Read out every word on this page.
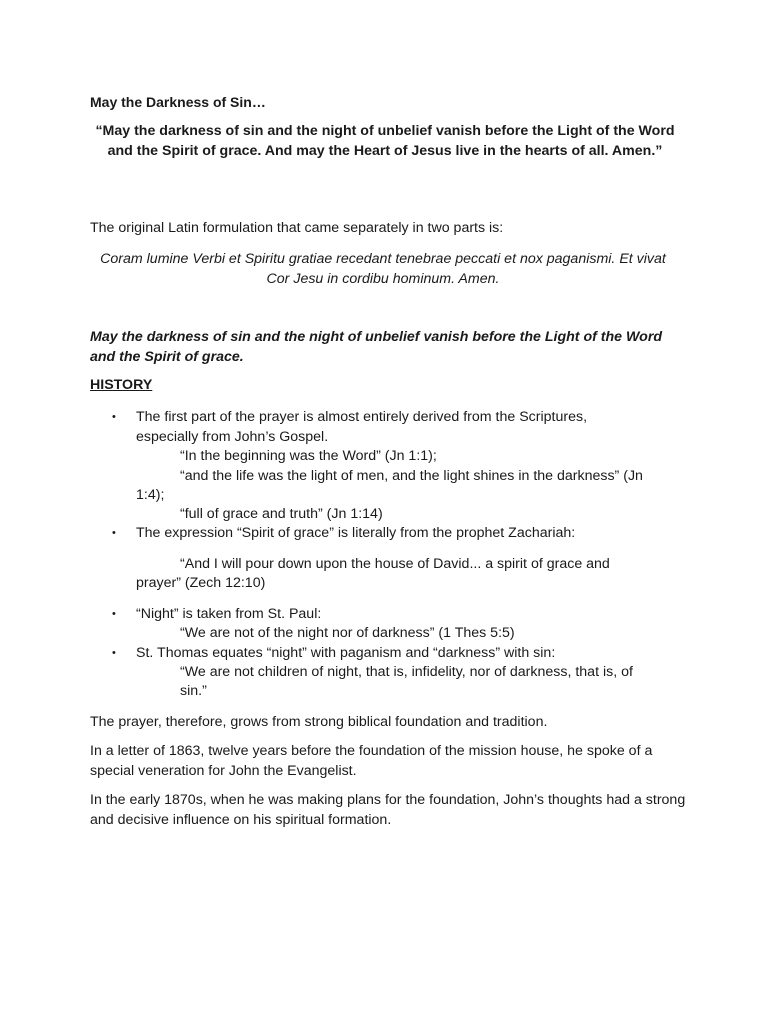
May the Darkness of Sin…
“May the darkness of sin and the night of unbelief vanish before the Light of the Word and the Spirit of grace. And may the Heart of Jesus live in the hearts of all. Amen.”
The original Latin formulation that came separately in two parts is:
Coram lumine Verbi et Spiritu gratiae recedant tenebrae peccati et nox paganismi. Et vivat Cor Jesu in cordibu hominum. Amen.
May the darkness of sin and the night of unbelief vanish before the Light of the Word and the Spirit of grace.
HISTORY
• The first part of the prayer is almost entirely derived from the Scriptures,
especially from John’s Gospel.
“In the beginning was the Word” (Jn 1:1);
“and the life was the light of men, and the light shines in the darkness” (Jn
1:4);
“full of grace and truth” (Jn 1:14)
• The expression “Spirit of grace” is literally from the prophet Zachariah:
“And I will pour down upon the house of David... a spirit of grace and
prayer” (Zech 12:10)
• “Night” is taken from St. Paul:
“We are not of the night nor of darkness” (1 Thes 5:5)
• St. Thomas equates “night” with paganism and “darkness” with sin:
“We are not children of night, that is, infidelity, nor of darkness, that is, of
sin.”
The prayer, therefore, grows from strong biblical foundation and tradition.
In a letter of 1863, twelve years before the foundation of the mission house, he spoke of a special veneration for John the Evangelist.
In the early 1870s, when he was making plans for the foundation, John’s thoughts had a strong and decisive influence on his spiritual formation.
